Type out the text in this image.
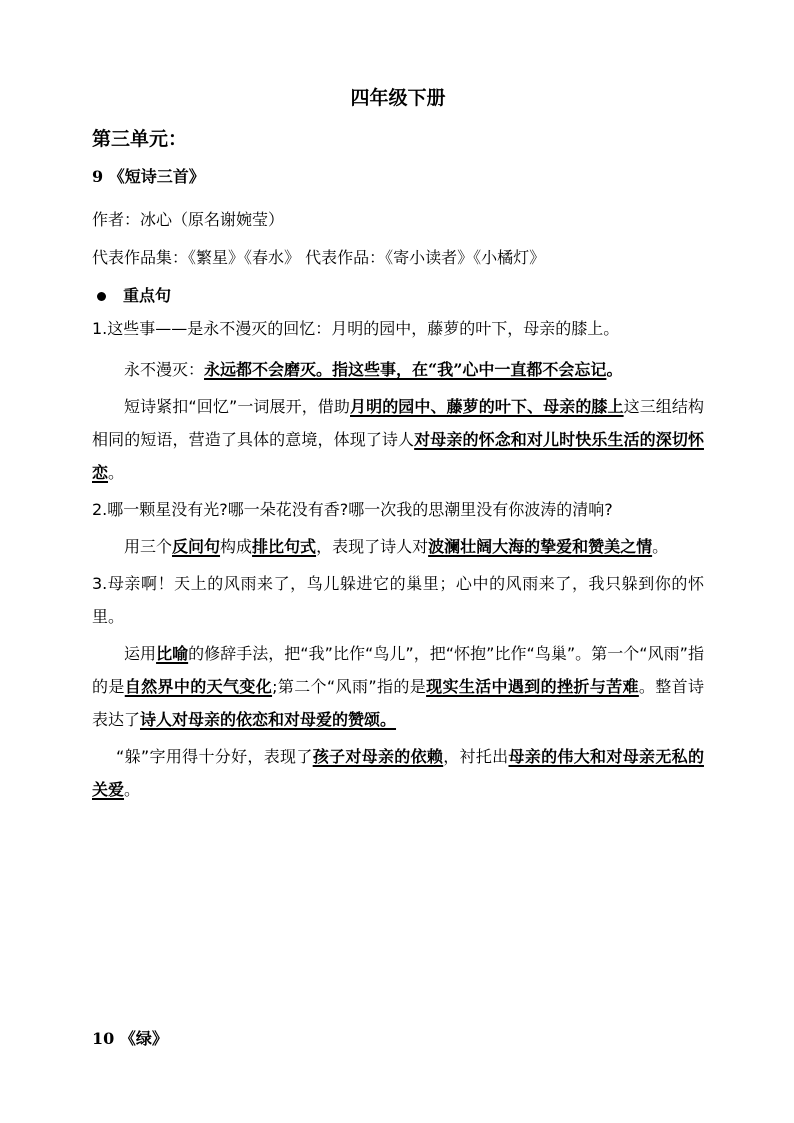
四年级下册
第三单元：
9 《短诗三首》
作者：冰心（原名谢婉莹）
代表作品集：《繁星》《春水》 代表作品：《寄小读者》《小橘灯》
重点句
1.这些事——是永不漫灭的回忆：月明的园中，藤萝的叶下，母亲的膝上。
永不漫灭：永远都不会磨灭。指这些事，在“我”心中一直都不会忘记。
短诗紧扣“回忆”一词展开，借助月明的园中、藤萝的叶下、母亲的膝上这三组结构相同的短语，营造了具体的意境，体现了诗人对母亲的怀念和对儿时快乐生活的深切怀恋。
2.哪一颗星没有光?哪一朵花没有香?哪一次我的思潮里没有你波涛的清响?
用三个反问句构成排比句式，表现了诗人对波澜壮阔大海的挚爱和赞美之情。
3.母亲啊！天上的风雨来了，鸟儿躲进它的巢里；心中的风雨来了，我只躲到你的怀里。
运用比喻的修辞手法，把“我”比作“鸟儿”，把“怀抱”比作“鸟巢”。第一个“风雨”指的是自然界中的天气变化;第二个“风雨”指的是现实生活中遇到的挫折与苦难。整首诗表达了诗人对母亲的依恋和对母爱的赞颂。
“躲”字用得十分好，表现了孩子对母亲的依赖，衬托出母亲的伟大和对母亲无私的关爱。
10 《绿》
